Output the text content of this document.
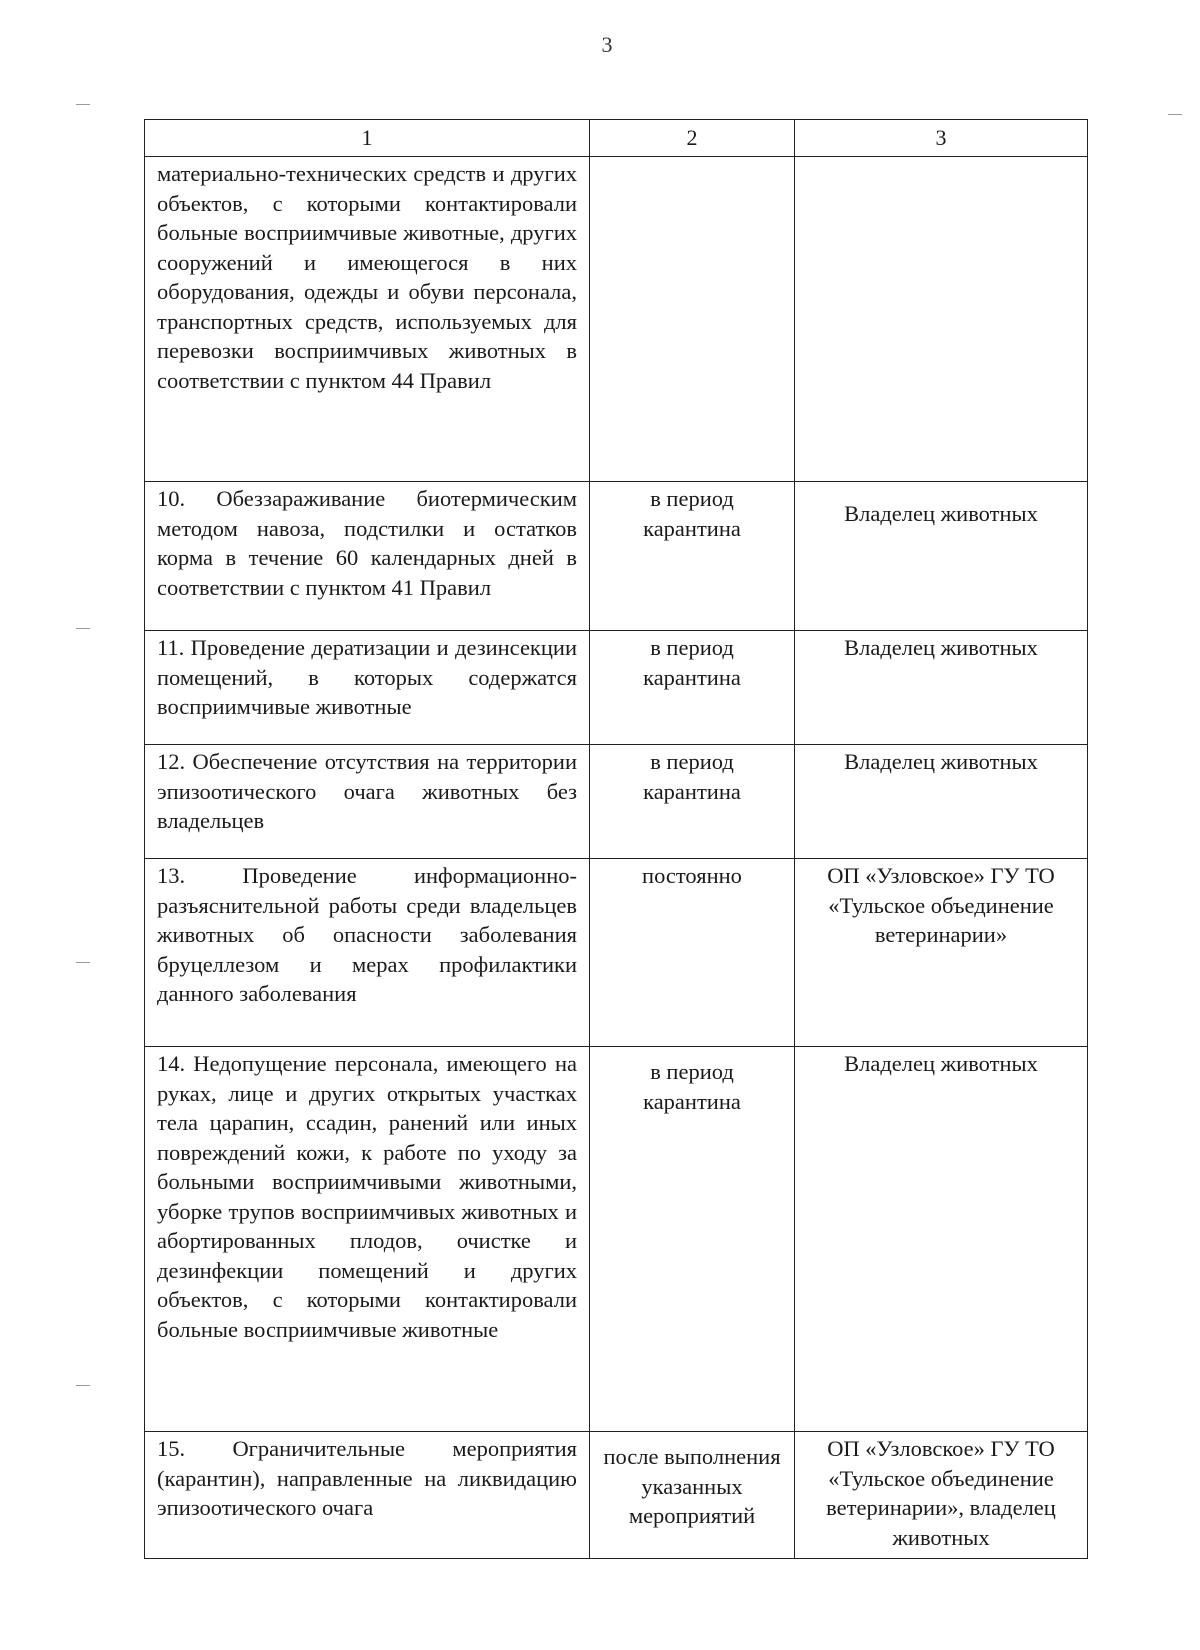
3
1	2	3
материально-технических средств и других объектов, с которыми контактировали больные восприимчивые животные, других сооружений и имеющегося в них оборудования, одежды и обуви персонала, транспортных средств, используемых для перевозки восприимчивых животных в соответствии с пунктом 44 Правил		
10. Обеззараживание биотермическим методом навоза, подстилки и остатков корма в течение 60 календарных дней в соответствии с пунктом 41 Правил	в период карантина	Владелец животных
11. Проведение дератизации и дезинсекции помещений, в которых содержатся восприимчивые животные	в период карантина	Владелец животных
12. Обеспечение отсутствия на территории эпизоотического очага животных без владельцев	в период карантина	Владелец животных
13. Проведение информационно-разъяснительной работы среди владельцев животных об опасности заболевания бруцеллезом и мерах профилактики данного заболевания	постоянно	ОП «Узловское» ГУ ТО «Тульское объединение ветеринарии»
14. Недопущение персонала, имеющего на руках, лице и других открытых участках тела царапин, ссадин, ранений или иных повреждений кожи, к работе по уходу за больными восприимчивыми животными, уборке трупов восприимчивых животных и абортированных плодов, очистке и дезинфекции помещений и других объектов, с которыми контактировали больные восприимчивые животные	в период карантина	Владелец животных
15. Ограничительные мероприятия (карантин), направленные на ликвидацию эпизоотического очага	после выполнения указанных мероприятий	ОП «Узловское» ГУ ТО «Тульское объединение ветеринарии», владелец животных
